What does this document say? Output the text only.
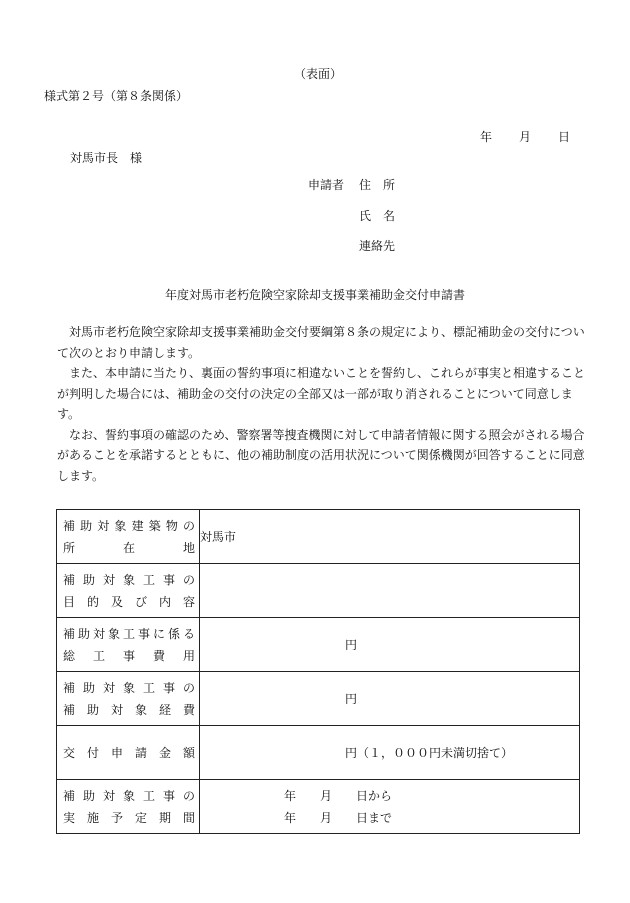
（表面）
様式第２号（第８条関係）
年 月 日
対馬市長　様
申請者 住　所
氏　名
連絡先
年度対馬市老朽危険空家除却支援事業補助金交付申請書

対馬市老朽危険空家除却支援事業補助金交付要綱第８条の規定により、標記補助金の交付について次のとおり申請します。

また、本申請に当たり、裏面の誓約事項に相違ないことを誓約し、これらが事実と相違することが判明した場合には、補助金の交付の決定の全部又は一部が取り消されることについて同意します。

なお、誓約事項の確認のため、警察署等捜査機関に対して申請者情報に関する照会がされる場合があることを承諾するとともに、他の補助制度の活用状況について関係機関が回答することに同意します。

補助対象建築物の
所在地	対馬市

補助対象工事の
目的及び内容	

補助対象工事に係る
総工事費用	円

補助対象工事の
補助対象経費	円

交付申請金額	円（１，０００円未満切捨て）

補助対象工事の
実施予定期間	年　　月　　日から
年　　月　　日まで
